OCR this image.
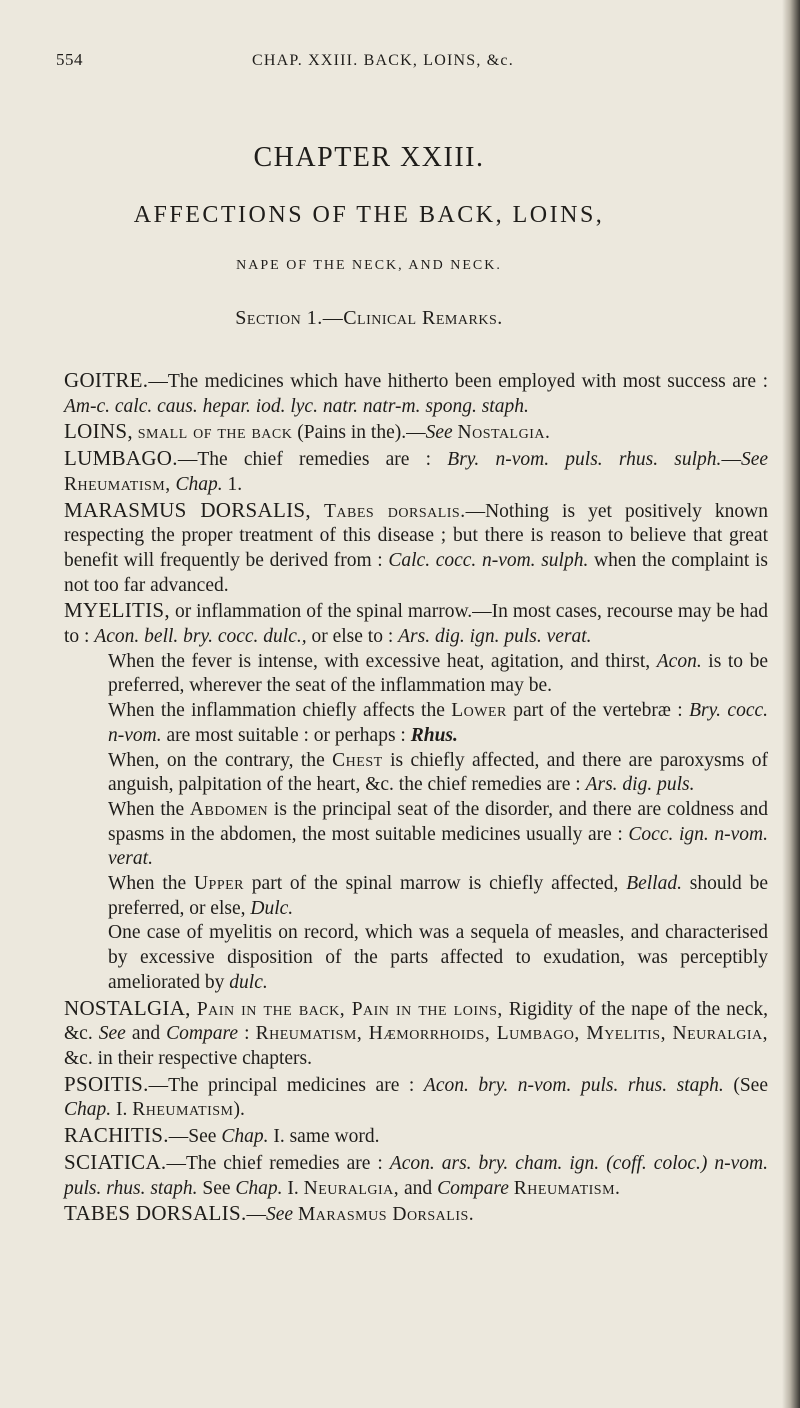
554	CHAP. XXIII. BACK, LOINS, &c.
CHAPTER XXIII.
AFFECTIONS OF THE BACK, LOINS,
NAPE OF THE NECK, AND NECK.
Section 1.—Clinical Remarks.

GOITRE.—The medicines which have hitherto been employed with most success are : Am-c. calc. caus. hepar. iod. lyc. natr. natr-m. spong. staph.

LOINS, small of the back (Pains in the).—See Nostalgia.

LUMBAGO.—The chief remedies are : Bry. n-vom. puls. rhus. sulph.—See Rheumatism, Chap. 1.

MARASMUS DORSALIS, Tabes dorsalis.—Nothing is yet positively known respecting the proper treatment of this disease ; but there is reason to believe that great benefit will frequently be derived from : Calc. cocc. n-vom. sulph. when the complaint is not too far advanced.

MYELITIS, or inflammation of the spinal marrow.—In most cases, recourse may be had to : Acon. bell. bry. cocc. dulc., or else to : Ars. dig. ign. puls. verat.

When the fever is intense, with excessive heat, agitation, and thirst, Acon. is to be preferred, wherever the seat of the inflammation may be.

When the inflammation chiefly affects the Lower part of the vertebræ : Bry. cocc. n-vom. are most suitable : or perhaps : Rhus.

When, on the contrary, the Chest is chiefly affected, and there are paroxysms of anguish, palpitation of the heart, &c. the chief remedies are : Ars. dig. puls.

When the Abdomen is the principal seat of the disorder, and there are coldness and spasms in the abdomen, the most suitable medicines usually are : Cocc. ign. n-vom. verat.

When the Upper part of the spinal marrow is chiefly affected, Bellad. should be preferred, or else, Dulc.

One case of myelitis on record, which was a sequela of measles, and characterised by excessive disposition of the parts affected to exudation, was perceptibly ameliorated by dulc.

NOSTALGIA, Pain in the back, Pain in the loins, Rigidity of the nape of the neck, &c. See and Compare : Rheumatism, Hæmorrhoids, Lumbago, Myelitis, Neuralgia, &c. in their respective chapters.

PSOITIS.—The principal medicines are : Acon. bry. n-vom. puls. rhus. staph. (See Chap. I. Rheumatism).

RACHITIS.—See Chap. I. same word.

SCIATICA.—The chief remedies are : Acon. ars. bry. cham. ign. (coff. coloc.) n-vom. puls. rhus. staph. See Chap. I. Neuralgia, and Compare Rheumatism.

TABES DORSALIS.—See Marasmus Dorsalis.
